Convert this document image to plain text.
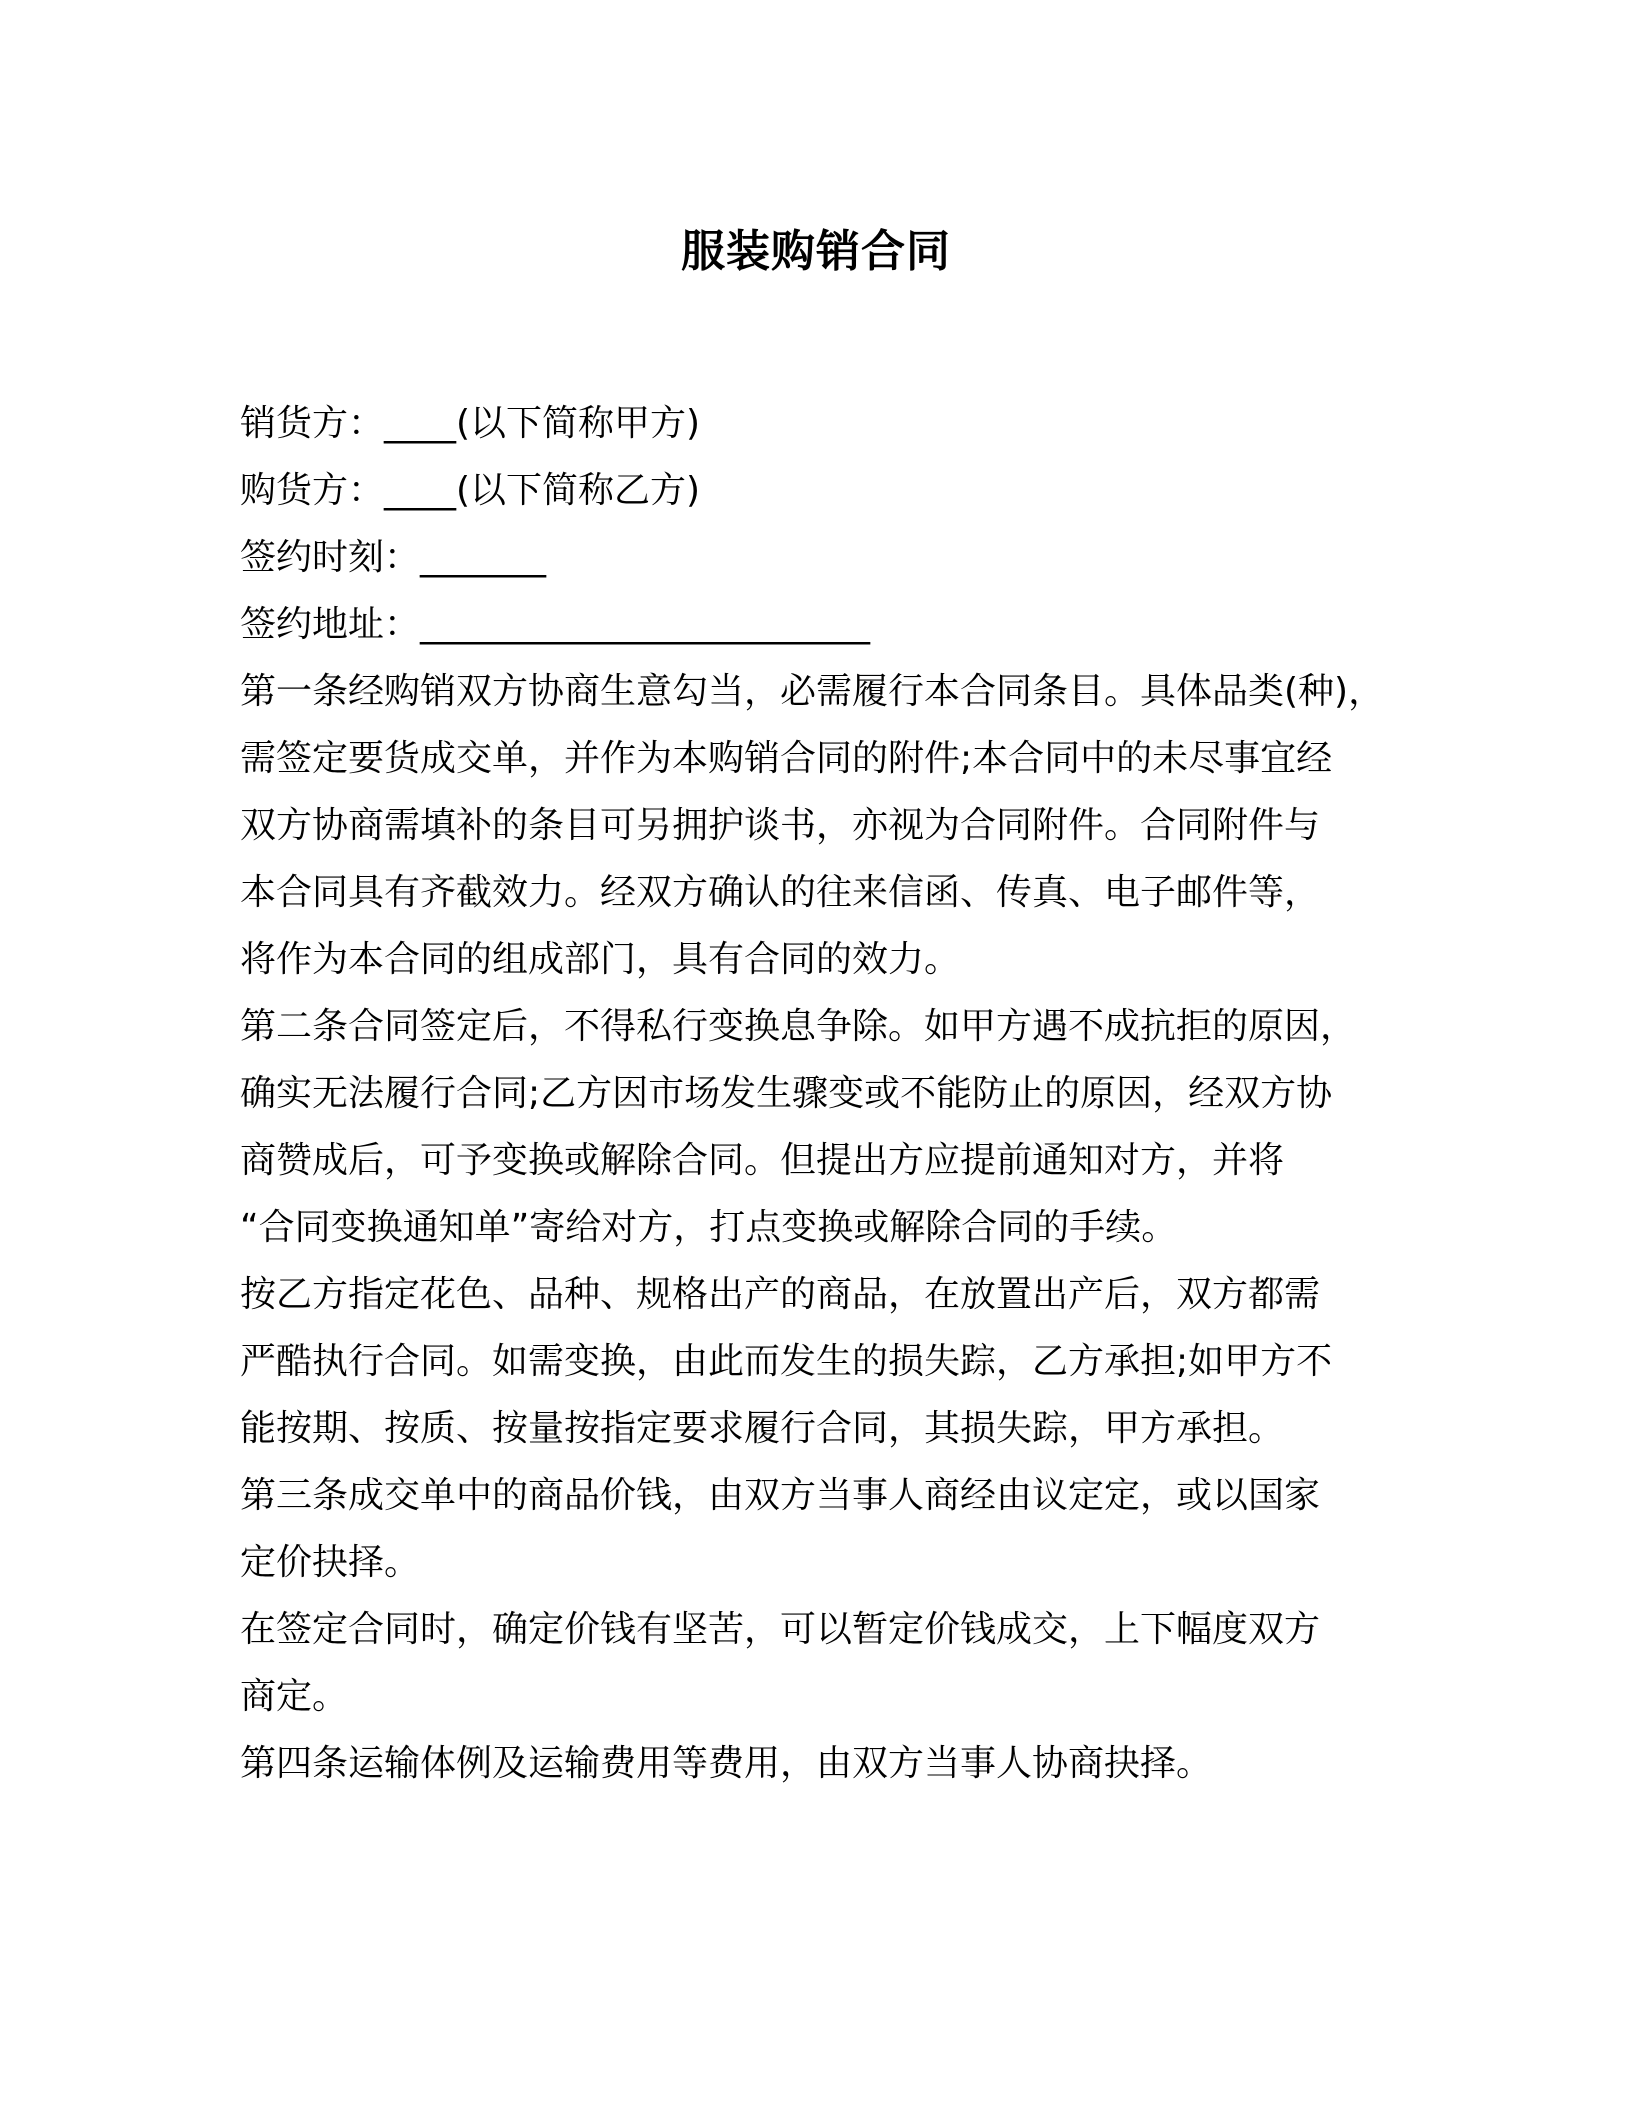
服装购销合同

销货方：____(以下简称甲方)

购货方：____(以下简称乙方)

签约时刻：_______

签约地址：_________________________

第一条经购销双方协商生意勾当，必需履行本合同条目。具体品类(种)，

需签定要货成交单，并作为本购销合同的附件;本合同中的未尽事宜经

双方协商需填补的条目可另拥护谈书，亦视为合同附件。合同附件与

本合同具有齐截效力。经双方确认的往来信函、传真、电子邮件等，

将作为本合同的组成部门，具有合同的效力。

第二条合同签定后，不得私行变换息争除。如甲方遇不成抗拒的原因，

确实无法履行合同;乙方因市场发生骤变或不能防止的原因，经双方协

商赞成后，可予变换或解除合同。但提出方应提前通知对方，并将

“合同变换通知单”寄给对方，打点变换或解除合同的手续。

按乙方指定花色、品种、规格出产的商品，在放置出产后，双方都需

严酷执行合同。如需变换，由此而发生的损失踪，乙方承担;如甲方不

能按期、按质、按量按指定要求履行合同，其损失踪，甲方承担。

第三条成交单中的商品价钱，由双方当事人商经由议定定，或以国家

定价抉择。

在签定合同时，确定价钱有坚苦，可以暂定价钱成交，上下幅度双方

商定。

第四条运输体例及运输费用等费用，由双方当事人协商抉择。
